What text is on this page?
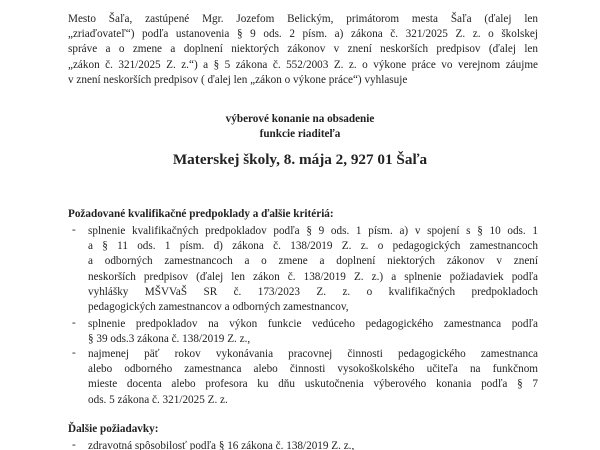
Mesto Šaľa, zastúpené Mgr. Jozefom Belickým, primátorom mesta Šaľa (ďalej len
„zriaďovateľ“) podľa ustanovenia § 9 ods. 2 písm. a) zákona č. 321/2025 Z. z. o školskej
správe a o zmene a doplnení niektorých zákonov v znení neskorších predpisov (ďalej len
„zákon č. 321/2025 Z. z.“) a § 5 zákona č. 552/2003 Z. z. o výkone práce vo verejnom záujme
v znení neskorších predpisov ( ďalej len „zákon o výkone práce“) vyhlasuje
výberové konanie na obsadenie
funkcie riaditeľa
Materskej školy, 8. mája 2, 927 01 Šaľa
Požadované kvalifikačné predpoklady a ďalšie kritériá:
- splnenie kvalifikačných predpokladov podľa § 9 ods. 1 písm. a) v spojení s § 10 ods. 1
a § 11 ods. 1 písm. d) zákona č. 138/2019 Z. z. o pedagogických zamestnancoch
a odborných zamestnancoch a o zmene a doplnení niektorých zákonov v znení
neskorších predpisov (ďalej len zákon č. 138/2019 Z. z.) a splnenie požiadaviek podľa
vyhlášky MŠVVaŠ SR č. 173/2023 Z. z. o kvalifikačných predpokladoch
pedagogických zamestnancov a odborných zamestnancov,
- splnenie predpokladov na výkon funkcie vedúceho pedagogického zamestnanca podľa
§ 39 ods.3 zákona č. 138/2019 Z. z.,
- najmenej päť rokov vykonávania pracovnej činnosti pedagogického zamestnanca
alebo odborného zamestnanca alebo činnosti vysokoškolského učiteľa na funkčnom
mieste docenta alebo profesora ku dňu uskutočnenia výberového konania podľa § 7
ods. 5 zákona č. 321/2025 Z. z.
Ďalšie požiadavky:
- zdravotná spôsobilosť podľa § 16 zákona č. 138/2019 Z. z.,
